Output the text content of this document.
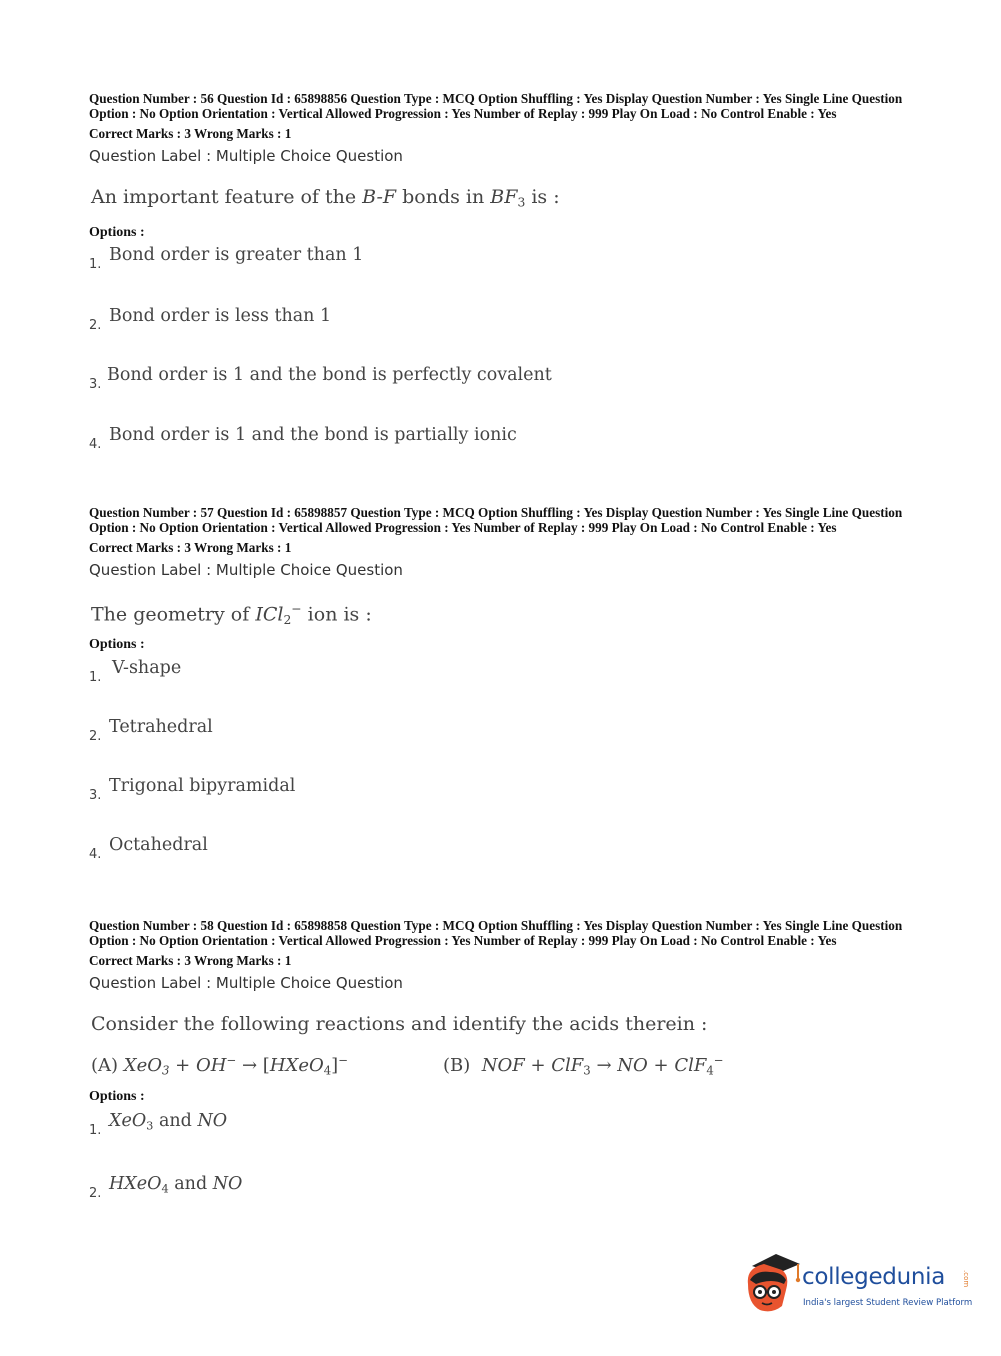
Question Number : 56 Question Id : 65898856 Question Type : MCQ Option Shuffling : Yes Display Question Number : Yes Single Line Question Option : No Option Orientation : Vertical Allowed Progression : Yes Number of Replay : 999 Play On Load : No Control Enable : Yes
Correct Marks : 3 Wrong Marks : 1
Question Label : Multiple Choice Question
An important feature of the B-F bonds in $BF_3$ is :
Options :
1. Bond order is greater than 1
2. Bond order is less than 1
3. Bond order is 1 and the bond is perfectly covalent
4. Bond order is 1 and the bond is partially ionic
Question Number : 57 Question Id : 65898857 Question Type : MCQ Option Shuffling : Yes Display Question Number : Yes Single Line Question Option : No Option Orientation : Vertical Allowed Progression : Yes Number of Replay : 999 Play On Load : No Control Enable : Yes
Correct Marks : 3 Wrong Marks : 1
Question Label : Multiple Choice Question
The geometry of ICl$_2$− ion is :
Options :
1. V-shape
2. Tetrahedral
3. Trigonal bipyramidal
4. Octahedral
Question Number : 58 Question Id : 65898858 Question Type : MCQ Option Shuffling : Yes Display Question Number : Yes Single Line Question Option : No Option Orientation : Vertical Allowed Progression : Yes Number of Replay : 999 Play On Load : No Control Enable : Yes
Correct Marks : 3 Wrong Marks : 1
Question Label : Multiple Choice Question
Consider the following reactions and identify the acids therein :
(A) XeO$_3$ + OH− → [HXeO$_4$]−	(B) NOF + ClF$_3$ → NO + ClF$_4$−
Options :
1. XeO$_3$ and NO
2. HXeO$_4$ and NO
collegedunia .com
India's largest Student Review Platform
